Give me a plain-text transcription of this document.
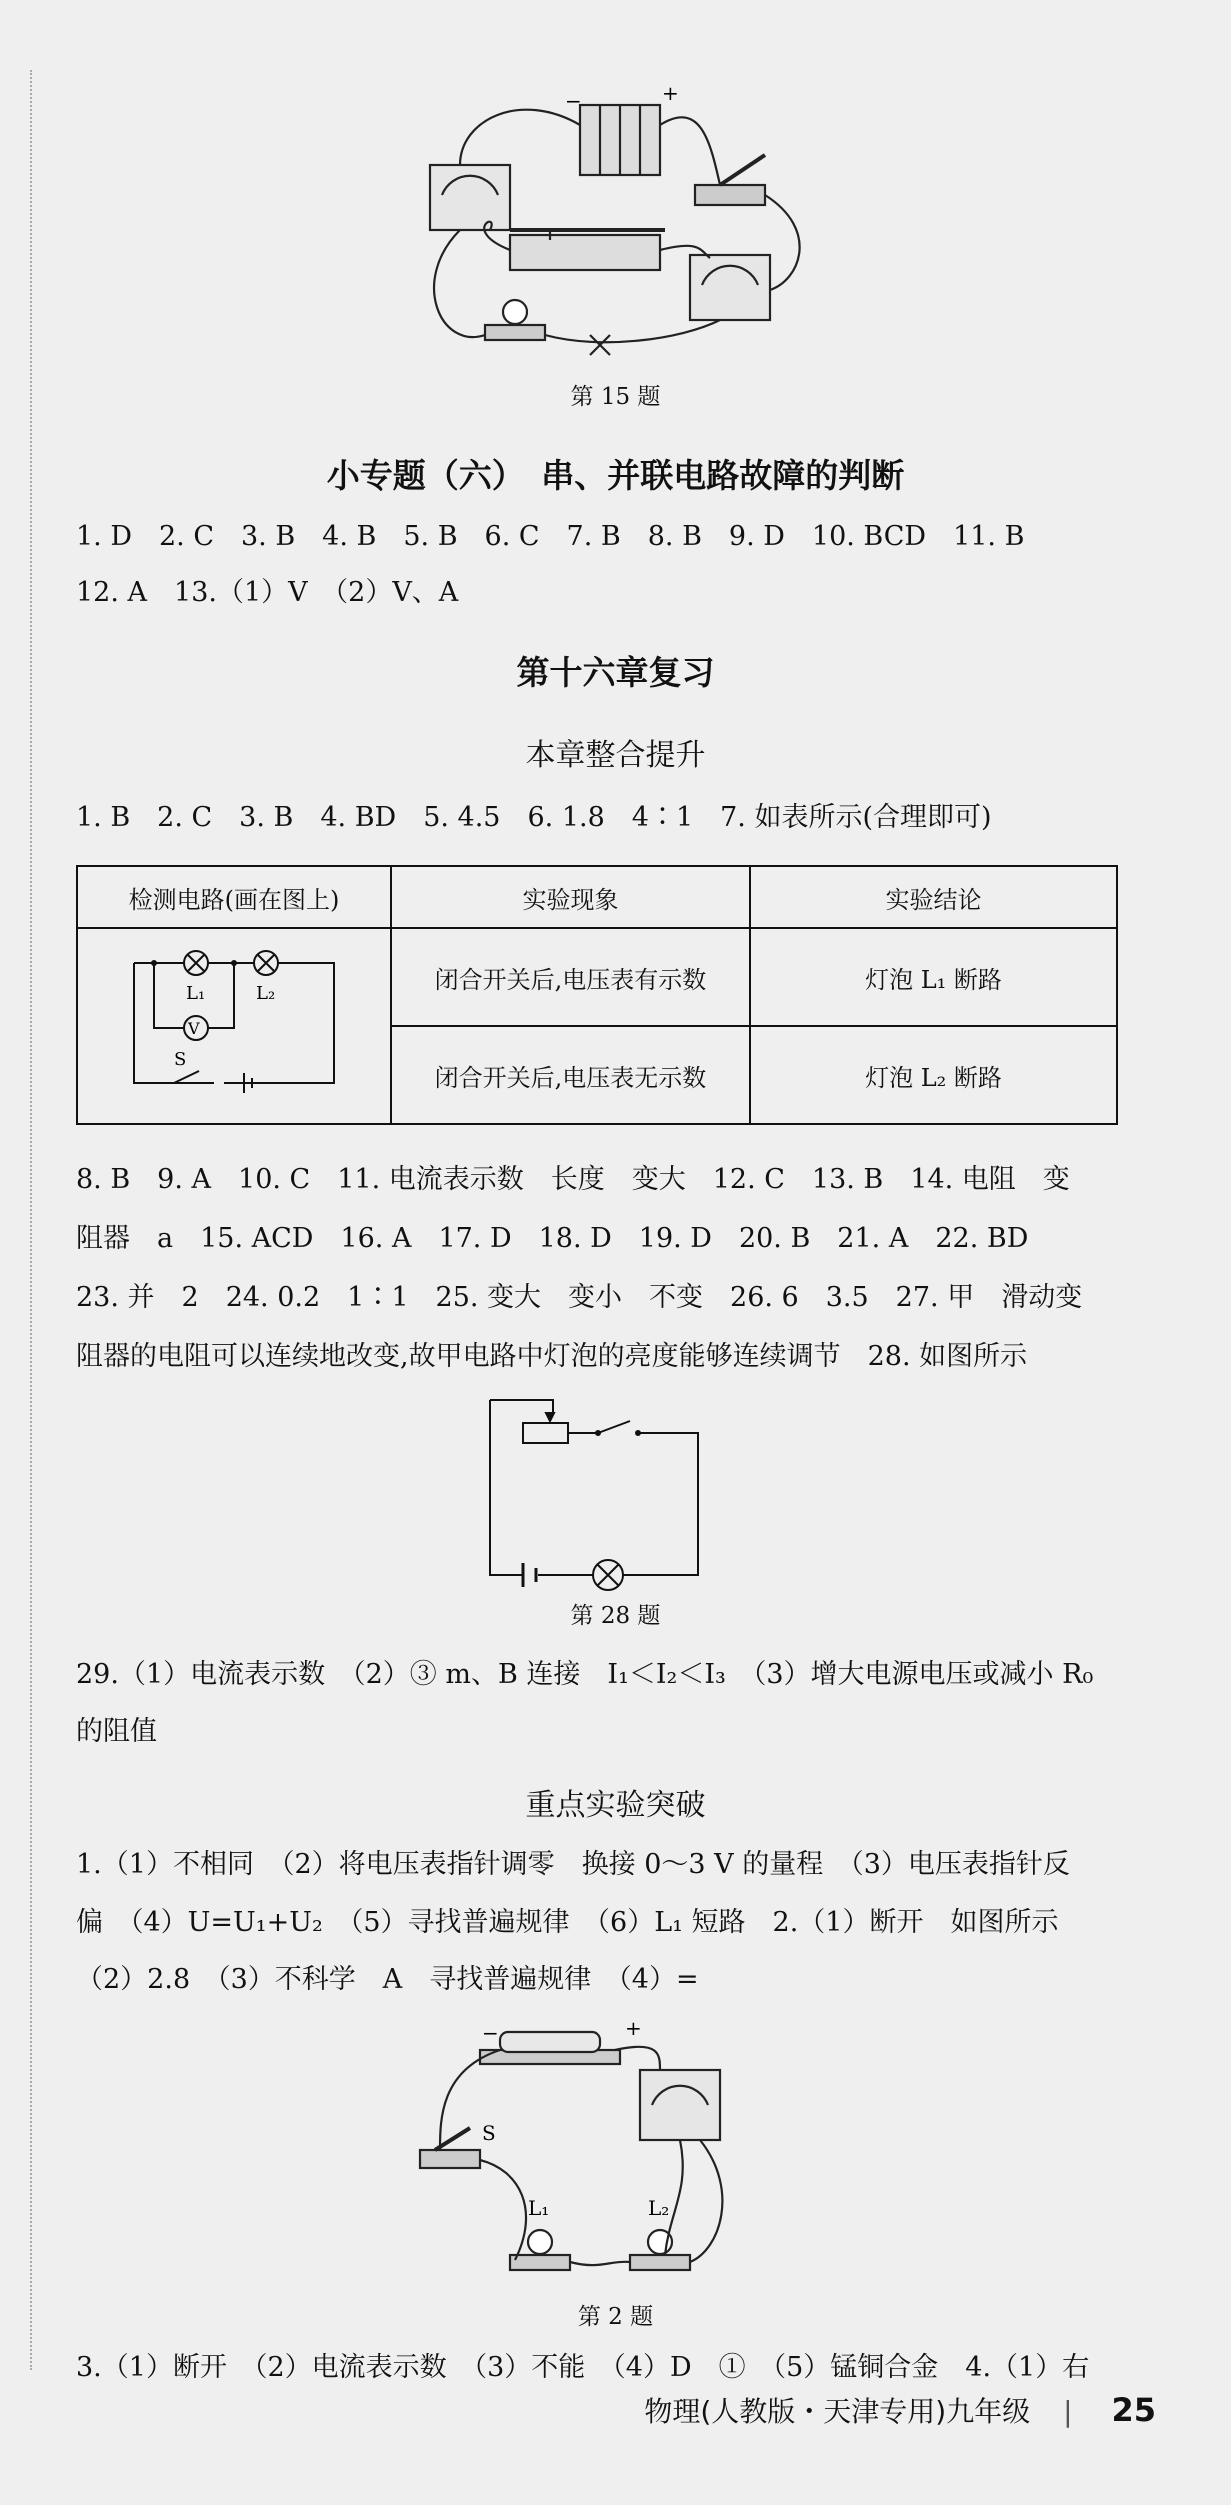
−	+
第 15 题
小专题（六）　串、并联电路故障的判断
1. D　2. C　3. B　4. B　5. B　6. C　7. B　8. B　9. D　10. BCD　11. B
12. A　13.（1）V　（2）V、A
第十六章复习
本章整合提升
1. B　2. C　3. B　4. BD　5. 4.5　6. 1.8　4∶1　7. 如表所示(合理即可)
检测电路(画在图上)	实验现象	实验结论

V
L₁ L₂
S	闭合开关后,电压表有示数	灯泡 L₁ 断路
	闭合开关后,电压表无示数	灯泡 L₂ 断路
8. B　9. A　10. C　11. 电流表示数　长度　变大　12. C　13. B　14. 电阻　变
阻器　a　15. ACD　16. A　17. D　18. D　19. D　20. B　21. A　22. BD
23. 并　2　24. 0.2　1∶1　25. 变大　变小　不变　26. 6　3.5　27. 甲　滑动变
阻器的电阻可以连续地改变,故甲电路中灯泡的亮度能够连续调节　28. 如图所示
第 28 题
29.（1）电流表示数　（2）③ m、B 连接　I₁＜I₂＜I₃　（3）增大电源电压或减小 R₀
的阻值
重点实验突破
1.（1）不相同　（2）将电压表指针调零　换接 0～3 V 的量程　（3）电压表指针反
偏　（4）U=U₁+U₂　（5）寻找普遍规律　（6）L₁ 短路　2.（1）断开　如图所示
（2）2.8　（3）不科学　A　寻找普遍规律　（4）=
−	+
S
L₁	L₂
第 2 题
3.（1）断开　（2）电流表示数　（3）不能　（4）D　①　（5）锰铜合金　4.（1）右
物理(人教版・天津专用)九年级 | 25
